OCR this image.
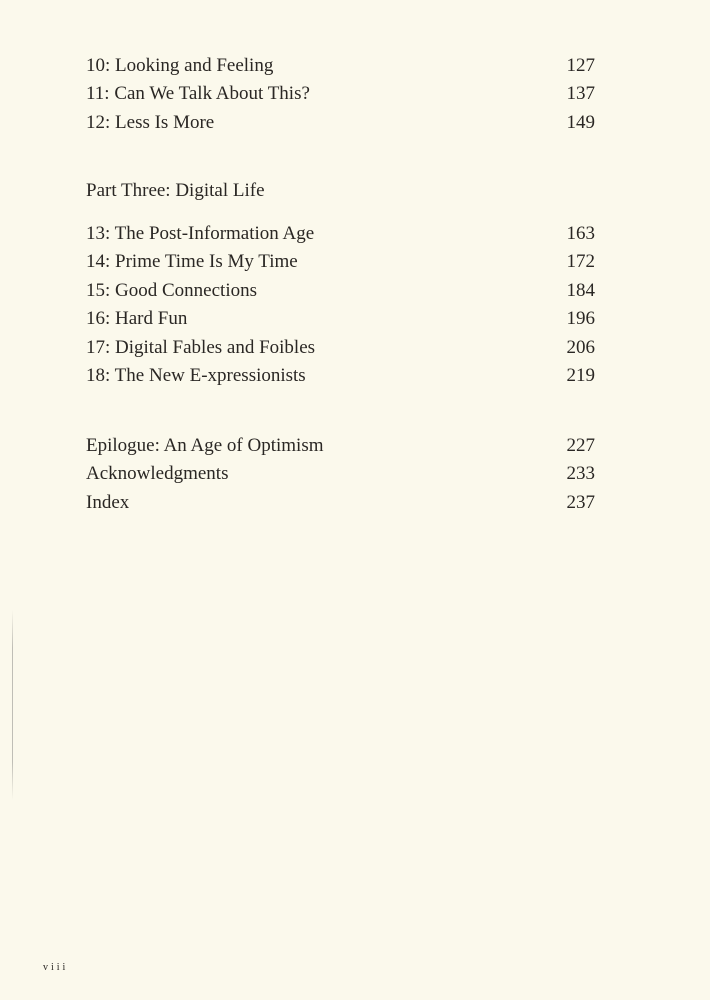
10: Looking and Feeling	127
11: Can We Talk About This?	137
12: Less Is More	149
Part Three: Digital Life
13: The Post-Information Age	163
14: Prime Time Is My Time	172
15: Good Connections	184
16: Hard Fun	196
17: Digital Fables and Foibles	206
18: The New E-xpressionists	219
Epilogue: An Age of Optimism	227
Acknowledgments	233
Index	237
viii
